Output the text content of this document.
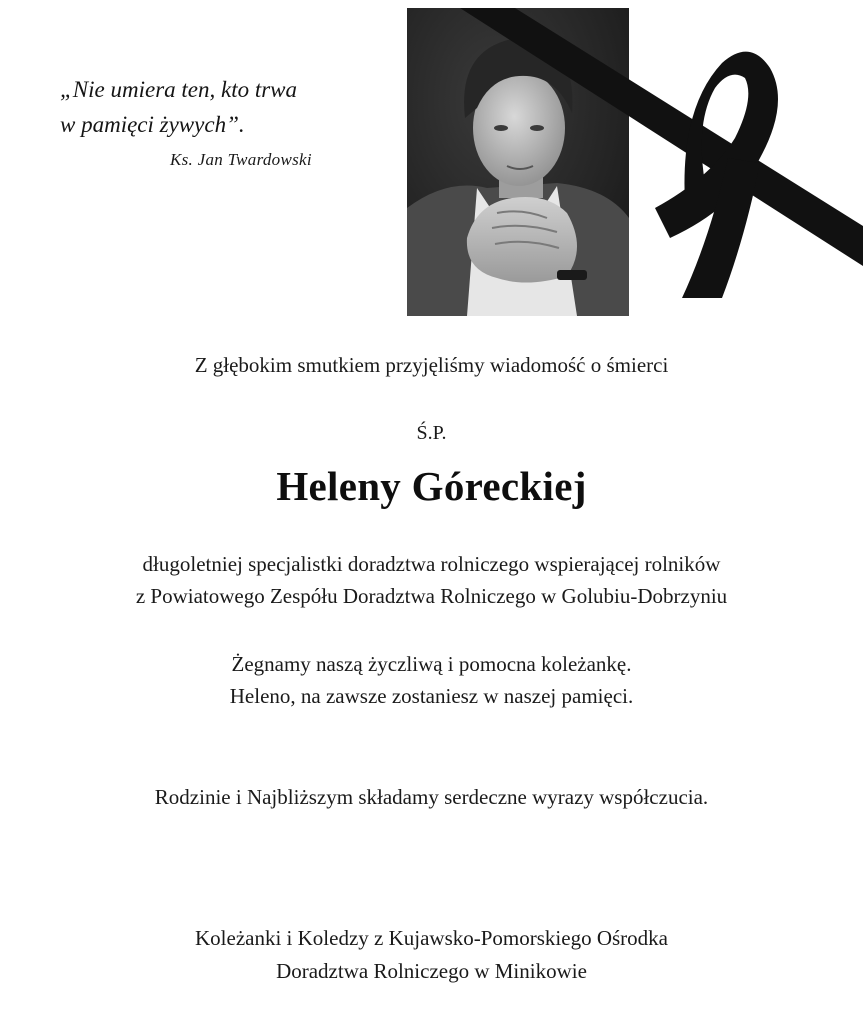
„Nie umiera ten, kto trwa

w pamięci żywych”.

Ks. Jan Twardowski

Z głębokim smutkiem przyjęliśmy wiadomość o śmierci

Ś.P.

Heleny Góreckiej

długoletniej specjalistki doradztwa rolniczego wspierającej rolników

z Powiatowego Zespółu Doradztwa Rolniczego w Golubiu-Dobrzyniu

Żegnamy naszą życzliwą i pomocna koleżankę.

Heleno, na zawsze zostaniesz w naszej pamięci.

Rodzinie i Najbliższym składamy serdeczne wyrazy współczucia.

Koleżanki i Koledzy z Kujawsko-Pomorskiego Ośrodka

Doradztwa Rolniczego w Minikowie
